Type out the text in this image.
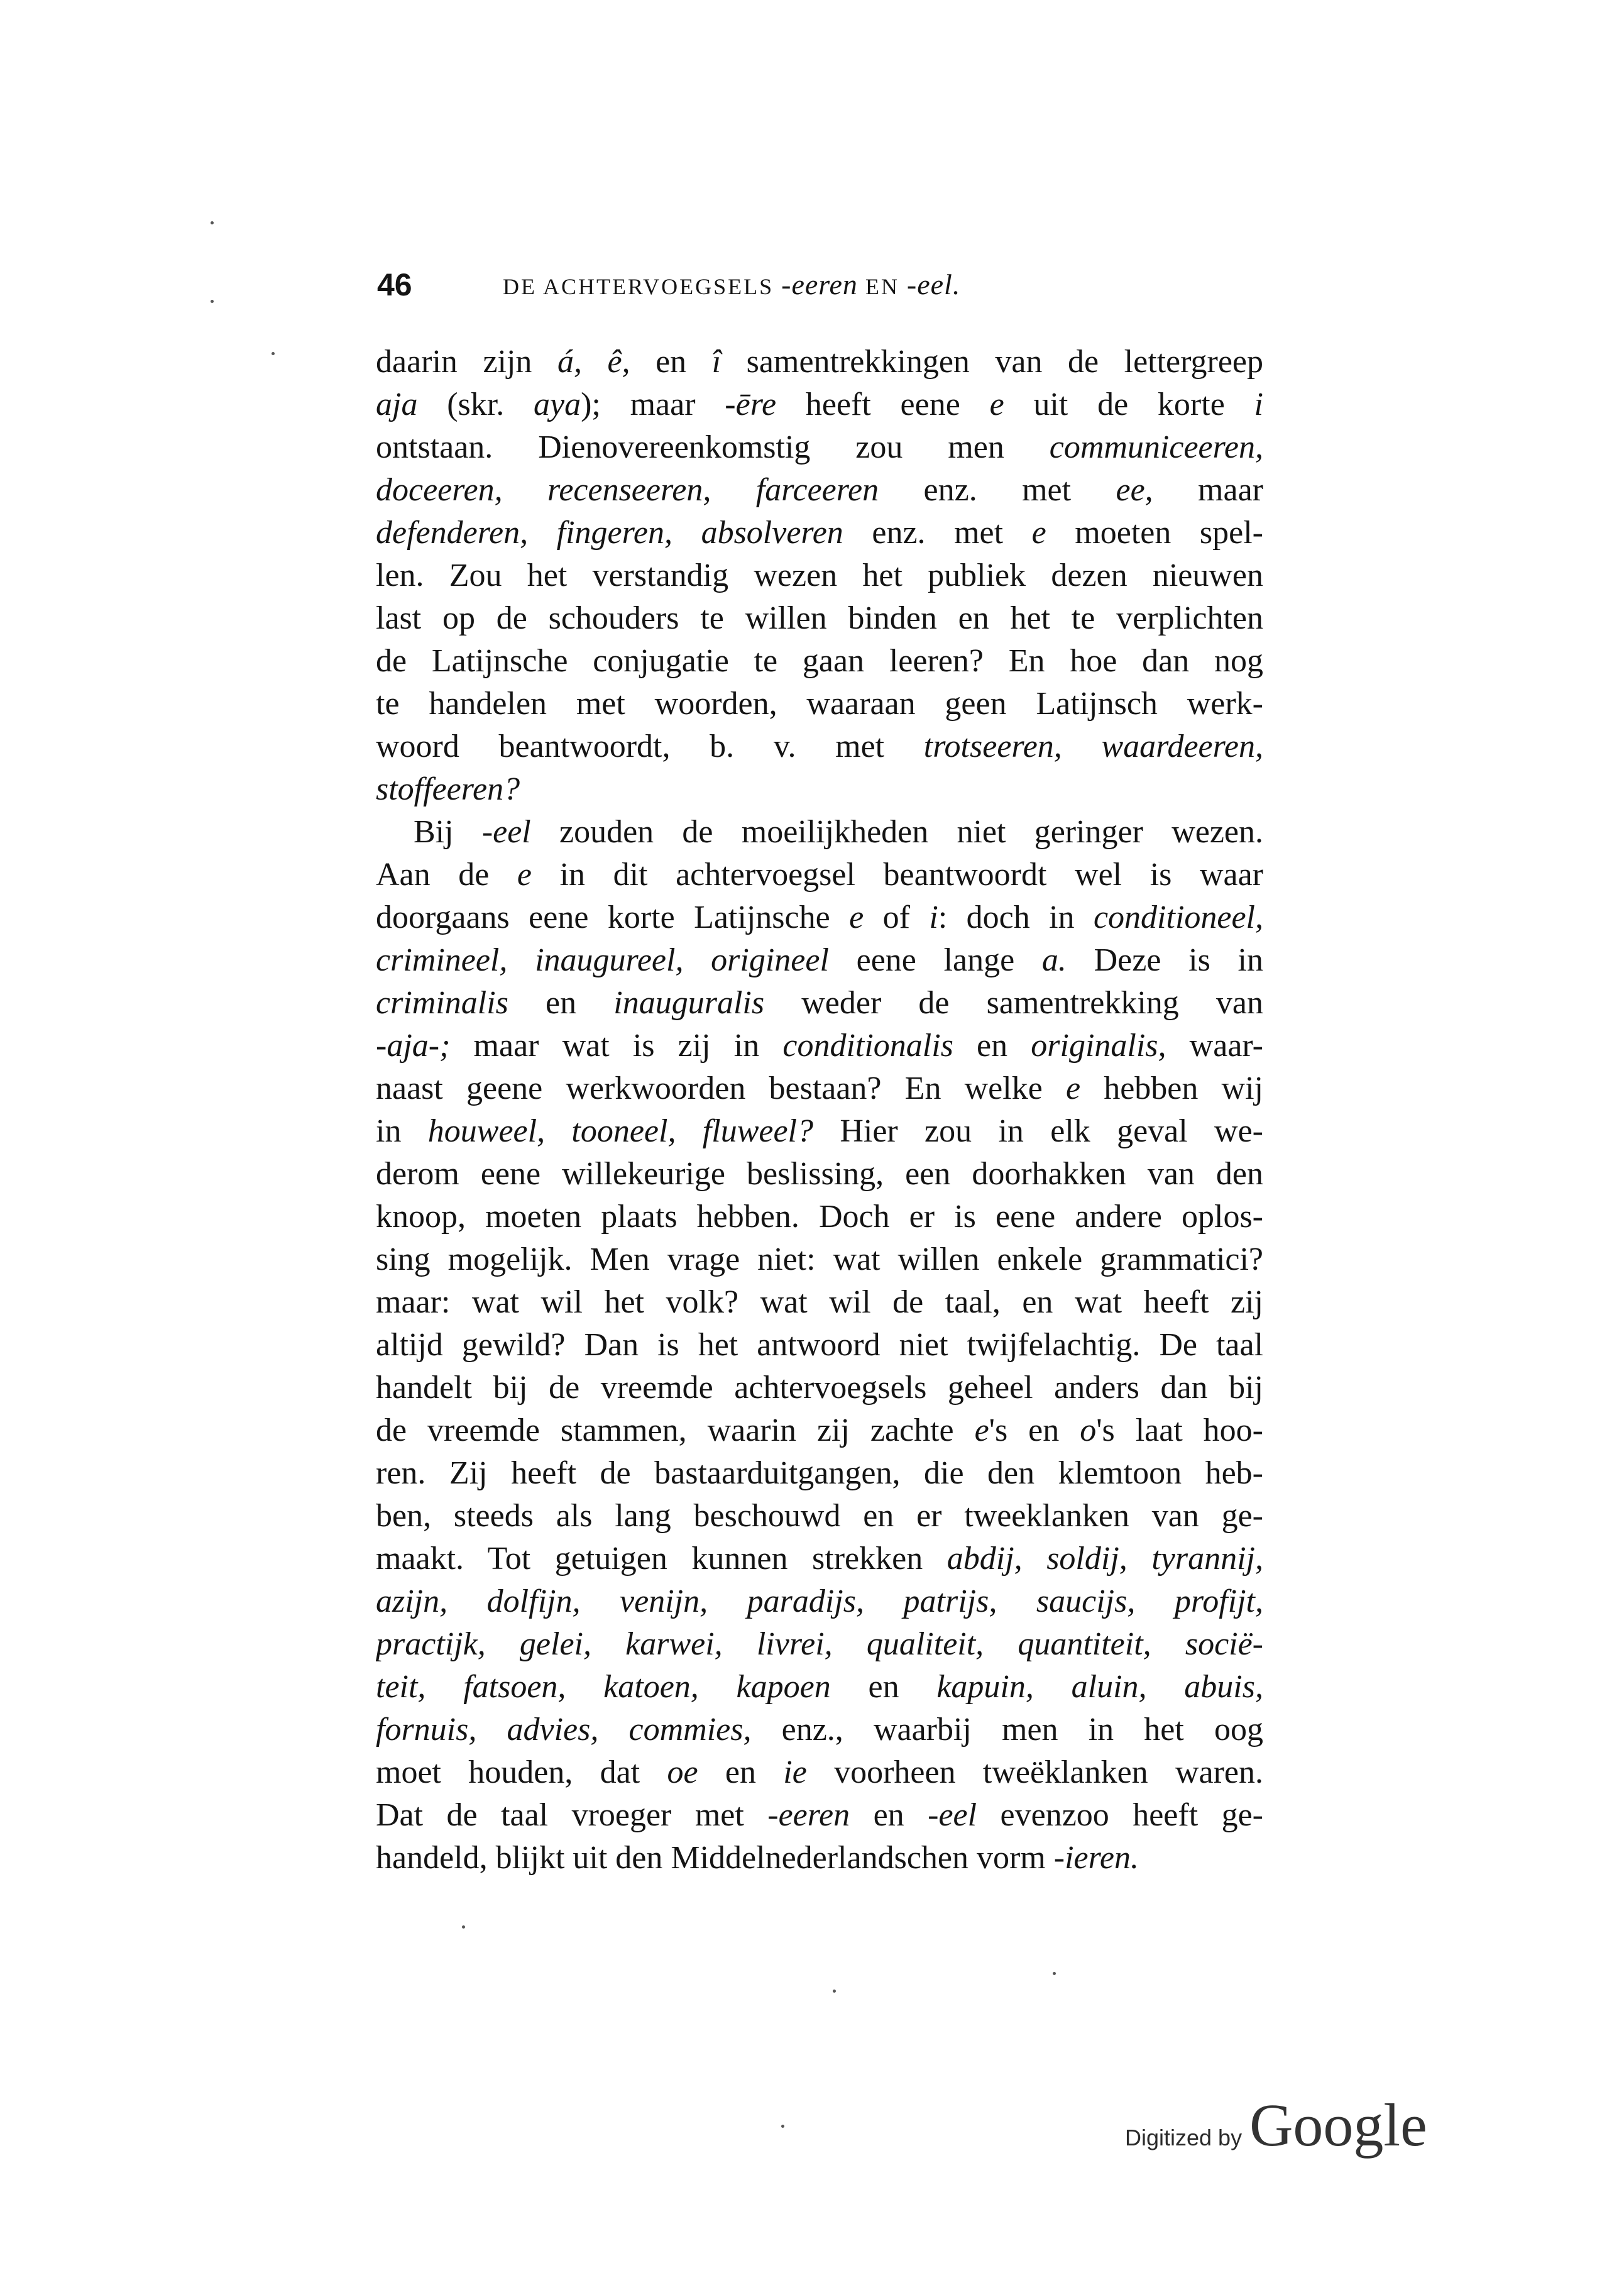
46	DE ACHTERVOEGSELS -eeren EN -eel.
daarin zijn á, ê, en î samentrekkingen van de lettergreep
aja (skr. aya); maar -ēre heeft eene e uit de korte i
ontstaan. Dienovereenkomstig zou men communiceeren,
doceeren, recenseeren, farceeren enz. met ee, maar
defenderen, fingeren, absolveren enz. met e moeten spel-
len. Zou het verstandig wezen het publiek dezen nieuwen
last op de schouders te willen binden en het te verplichten
de Latijnsche conjugatie te gaan leeren? En hoe dan nog
te handelen met woorden, waaraan geen Latijnsch werk-
woord beantwoordt, b. v. met trotseeren, waardeeren,
stoffeeren?
Bij -eel zouden de moeilijkheden niet geringer wezen.
Aan de e in dit achtervoegsel beantwoordt wel is waar
doorgaans eene korte Latijnsche e of i: doch in conditioneel,
crimineel, inaugureel, origineel eene lange a. Deze is in
criminalis en inauguralis weder de samentrekking van
-aja-; maar wat is zij in conditionalis en originalis, waar-
naast geene werkwoorden bestaan? En welke e hebben wij
in houweel, tooneel, fluweel? Hier zou in elk geval we-
derom eene willekeurige beslissing, een doorhakken van den
knoop, moeten plaats hebben. Doch er is eene andere oplos-
sing mogelijk. Men vrage niet: wat willen enkele grammatici?
maar: wat wil het volk? wat wil de taal, en wat heeft zij
altijd gewild? Dan is het antwoord niet twijfelachtig. De taal
handelt bij de vreemde achtervoegsels geheel anders dan bij
de vreemde stammen, waarin zij zachte e's en o's laat hoo-
ren. Zij heeft de bastaarduitgangen, die den klemtoon heb-
ben, steeds als lang beschouwd en er tweeklanken van ge-
maakt. Tot getuigen kunnen strekken abdij, soldij, tyrannij,
azijn, dolfijn, venijn, paradijs, patrijs, saucijs, profijt,
practijk, gelei, karwei, livrei, qualiteit, quantiteit, socië-
teit, fatsoen, katoen, kapoen en kapuin, aluin, abuis,
fornuis, advies, commies, enz., waarbij men in het oog
moet houden, dat oe en ie voorheen tweëklanken waren.
Dat de taal vroeger met -eeren en -eel evenzoo heeft ge-
handeld, blijkt uit den Middelnederlandschen vorm -ieren.
Digitized by Google
